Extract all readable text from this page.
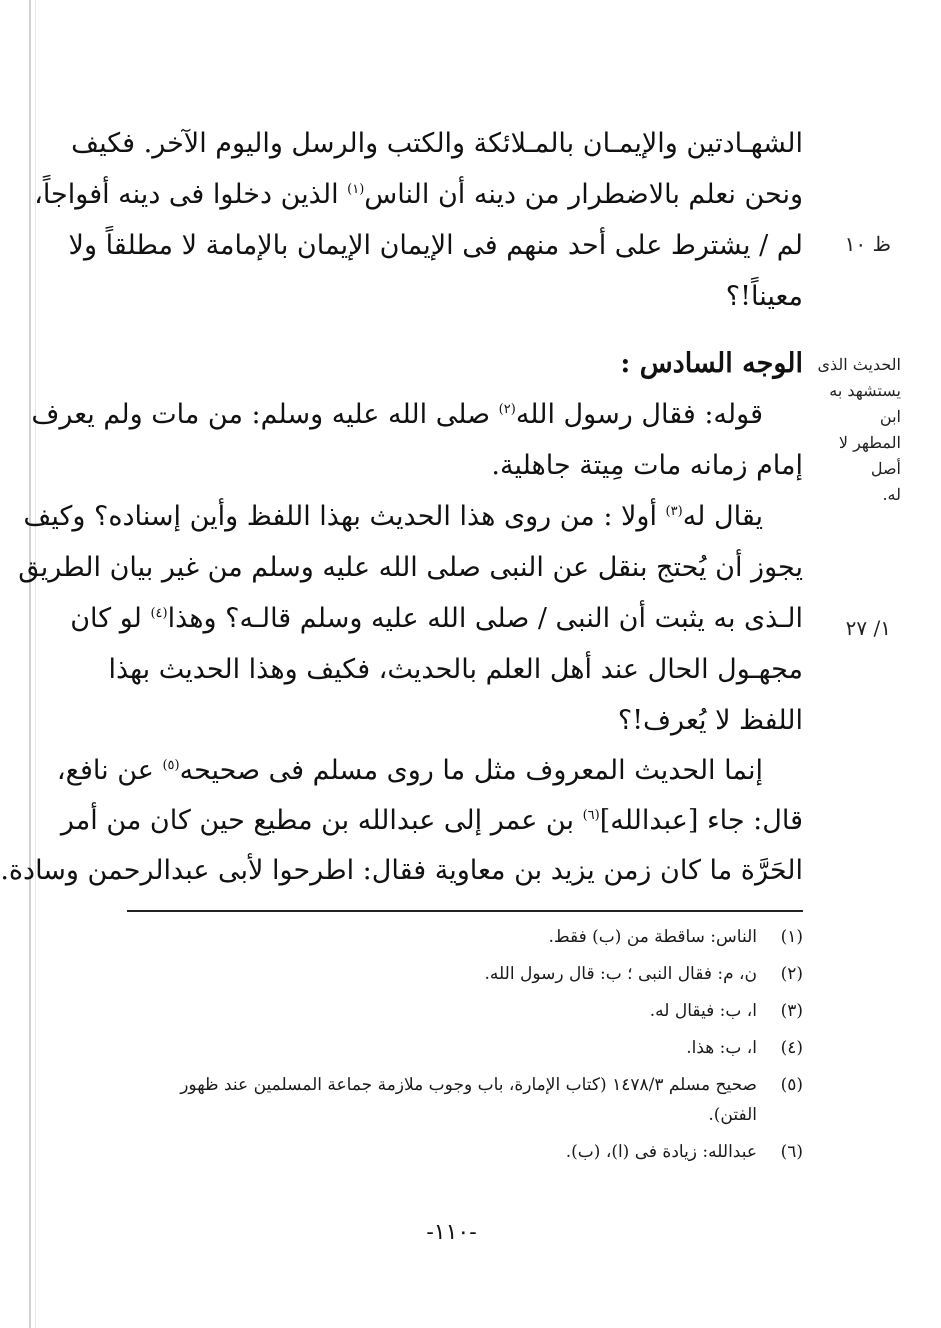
الشهـادتين والإيمـان بالمـلائكة والكتب والرسل واليوم الآخر. فكيف
ونحن نعلم بالاضطرار من دينه أن الناس$^{(١)}$ الذين دخلوا فى دينه أفواجاً،
لم / يشترط على أحد منهم فى الإيمان الإيمان بالإمامة لا مطلقاً ولا
معيناً!؟
الوجه السادس :
قوله: فقال رسول الله$^{(٢)}$ صلى الله عليه وسلم: من مات ولم يعرف
إمام زمانه مات مِيتة جاهلية.
يقال له$^{(٣)}$ أولا : من روى هذا الحديث بهذا اللفظ وأين إسناده؟ وكيف
يجوز أن يُحتج بنقل عن النبى صلى الله عليه وسلم من غير بيان الطريق
الـذى به يثبت أن النبى / صلى الله عليه وسلم قالـه؟ وهذا$^{(٤)}$ لو كان
مجهـول الحال عند أهل العلم بالحديث، فكيف وهذا الحديث بهذا
اللفظ لا يُعرف!؟
إنما الحديث المعروف مثل ما روى مسلم فى صحيحه$^{(٥)}$ عن نافع،
قال: جاء [عبدالله]$^{(٦)}$ بن عمر إلى عبدالله بن مطيع حين كان من أمر
الحَرَّة ما كان زمن يزيد بن معاوية فقال: اطرحوا لأبى عبدالرحمن وسادة.
ظ ١٠
الحديث الذى
يستشهد به ابن
المطهر لا أصل
له.
١/ ٢٧
(١)
الناس: ساقطة من (ب) فقط.
(٢)
ن، م: فقال النبى ؛ ب: قال رسول الله.
(٣)
ا، ب: فيقال له.
(٤)
ا، ب: هذا.
(٥)
صحيح مسلم ١٤٧٨/٣ (كتاب الإمارة، باب وجوب ملازمة جماعة المسلمين عند ظهور
الفتن).
(٦)
عبدالله: زيادة فى (ا)، (ب).
-١١٠-
